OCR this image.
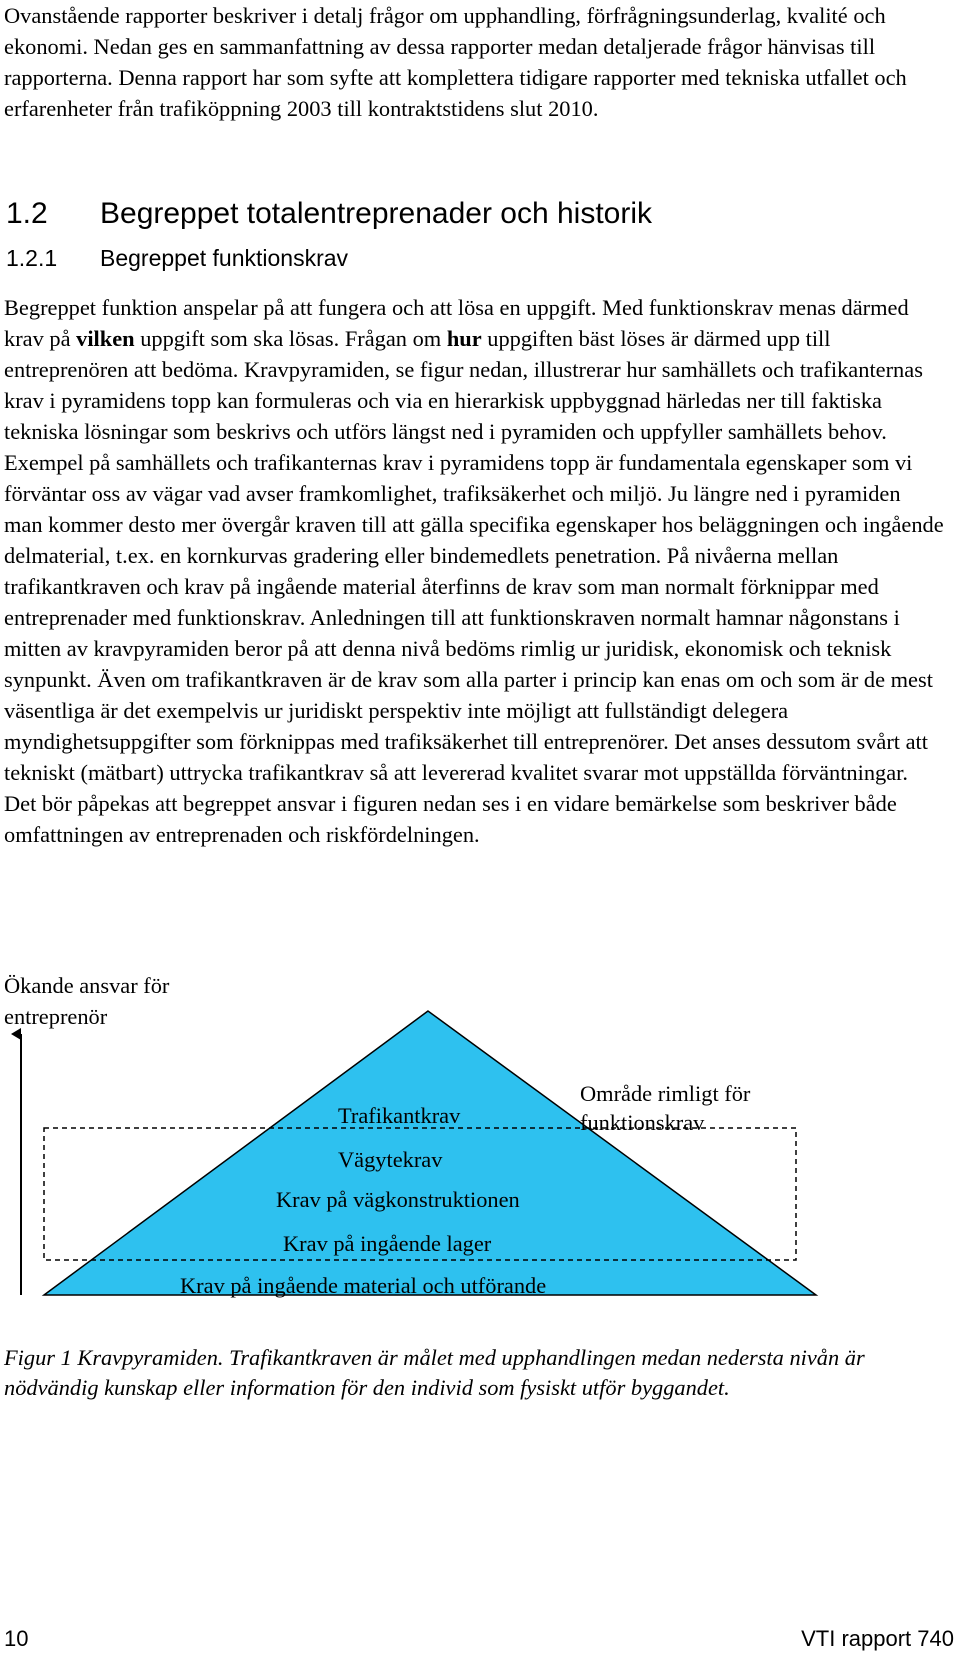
Ovanstående rapporter beskriver i detalj frågor om upphandling, förfrågningsunderlag, kvalité och ekonomi. Nedan ges en sammanfattning av dessa rapporter medan detaljerade frågor hänvisas till rapporterna. Denna rapport har som syfte att komplettera tidigare rapporter med tekniska utfallet och erfarenheter från trafiköppning 2003 till kontraktstidens slut 2010.
1.2 Begreppet totalentreprenader och historik
1.2.1 Begreppet funktionskrav
Begreppet funktion anspelar på att fungera och att lösa en uppgift. Med funktionskrav menas därmed krav på vilken uppgift som ska lösas. Frågan om hur uppgiften bäst löses är därmed upp till entreprenören att bedöma. Kravpyramiden, se figur nedan, illustrerar hur samhällets och trafikanternas krav i pyramidens topp kan formuleras och via en hierarkisk uppbyggnad härledas ner till faktiska tekniska lösningar som beskrivs och utförs längst ned i pyramiden och uppfyller samhällets behov. Exempel på samhällets och trafikanternas krav i pyramidens topp är fundamentala egenskaper som vi förväntar oss av vägar vad avser framkomlighet, trafiksäkerhet och miljö. Ju längre ned i pyramiden man kommer desto mer övergår kraven till att gälla specifika egenskaper hos beläggningen och ingående delmaterial, t.ex. en kornkurvas gradering eller bindemedlets penetration. På nivåerna mellan trafikantkraven och krav på ingående material återfinns de krav som man normalt förknippar med entreprenader med funktionskrav. Anledningen till att funktionskraven normalt hamnar någonstans i mitten av kravpyramiden beror på att denna nivå bedöms rimlig ur juridisk, ekonomisk och teknisk synpunkt. Även om trafikantkraven är de krav som alla parter i princip kan enas om och som är de mest väsentliga är det exempelvis ur juridiskt perspektiv inte möjligt att fullständigt delegera myndighetsuppgifter som förknippas med trafiksäkerhet till entreprenörer. Det anses dessutom svårt att tekniskt (mätbart) uttrycka trafikantkrav så att levererad kvalitet svarar mot uppställda förväntningar. Det bör påpekas att begreppet ansvar i figuren nedan ses i en vidare bemärkelse som beskriver både omfattningen av entreprenaden och riskfördelningen.
Ökande ansvar för
entreprenör
Område rimligt för
funktionskrav
Trafikantkrav
Vägytekrav
Krav på vägkonstruktionen
Krav på ingående lager
Krav på ingående material och utförande
Figur 1 Kravpyramiden. Trafikantkraven är målet med upphandlingen medan nedersta nivån är nödvändig kunskap eller information för den individ som fysiskt utför byggandet.
10	VTI rapport 740
